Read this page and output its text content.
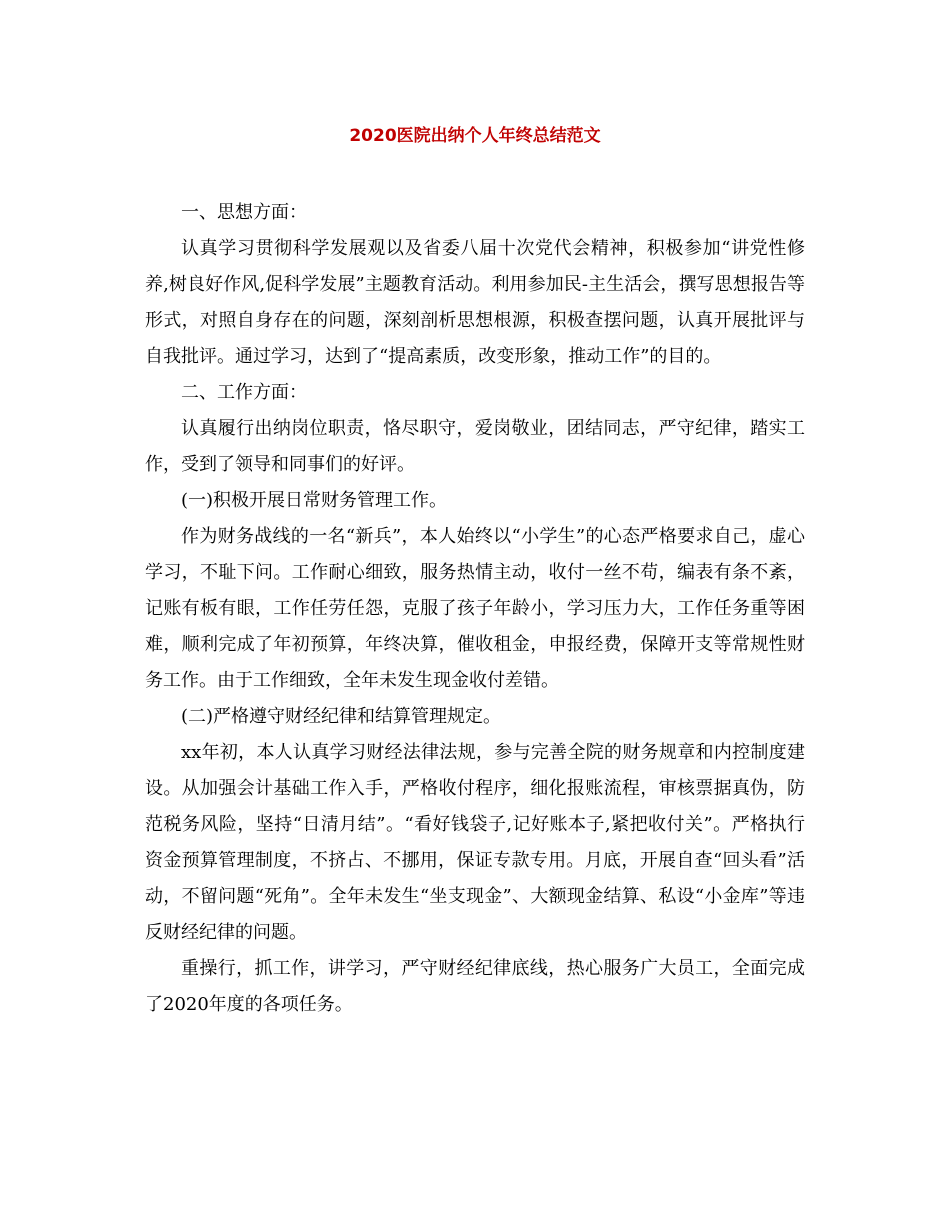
2020医院出纳个人年终总结范文

一、思想方面：

认真学习贯彻科学发展观以及省委八届十次党代会精神，积极参加“讲党性修养,树良好作风,促科学发展”主题教育活动。利用参加民-主生活会，撰写思想报告等形式，对照自身存在的问题，深刻剖析思想根源，积极查摆问题，认真开展批评与自我批评。通过学习，达到了“提高素质，改变形象，推动工作”的目的。

二、工作方面：

认真履行出纳岗位职责，恪尽职守，爱岗敬业，团结同志，严守纪律，踏实工作，受到了领导和同事们的好评。

(一)积极开展日常财务管理工作。

作为财务战线的一名“新兵”，本人始终以“小学生”的心态严格要求自己，虚心学习，不耻下问。工作耐心细致，服务热情主动，收付一丝不苟，编表有条不紊，记账有板有眼，工作任劳任怨，克服了孩子年龄小，学习压力大，工作任务重等困难，顺利完成了年初预算，年终决算，催收租金，申报经费，保障开支等常规性财务工作。由于工作细致，全年未发生现金收付差错。

(二)严格遵守财经纪律和结算管理规定。

xx年初，本人认真学习财经法律法规，参与完善全院的财务规章和内控制度建设。从加强会计基础工作入手，严格收付程序，细化报账流程，审核票据真伪，防范税务风险，坚持“日清月结”。“看好钱袋子,记好账本子,紧把收付关”。严格执行资金预算管理制度，不挤占、不挪用，保证专款专用。月底，开展自查“回头看”活动，不留问题“死角”。全年未发生“坐支现金”、大额现金结算、私设“小金库”等违反财经纪律的问题。

重操行，抓工作，讲学习，严守财经纪律底线，热心服务广大员工，全面完成了2020年度的各项任务。
